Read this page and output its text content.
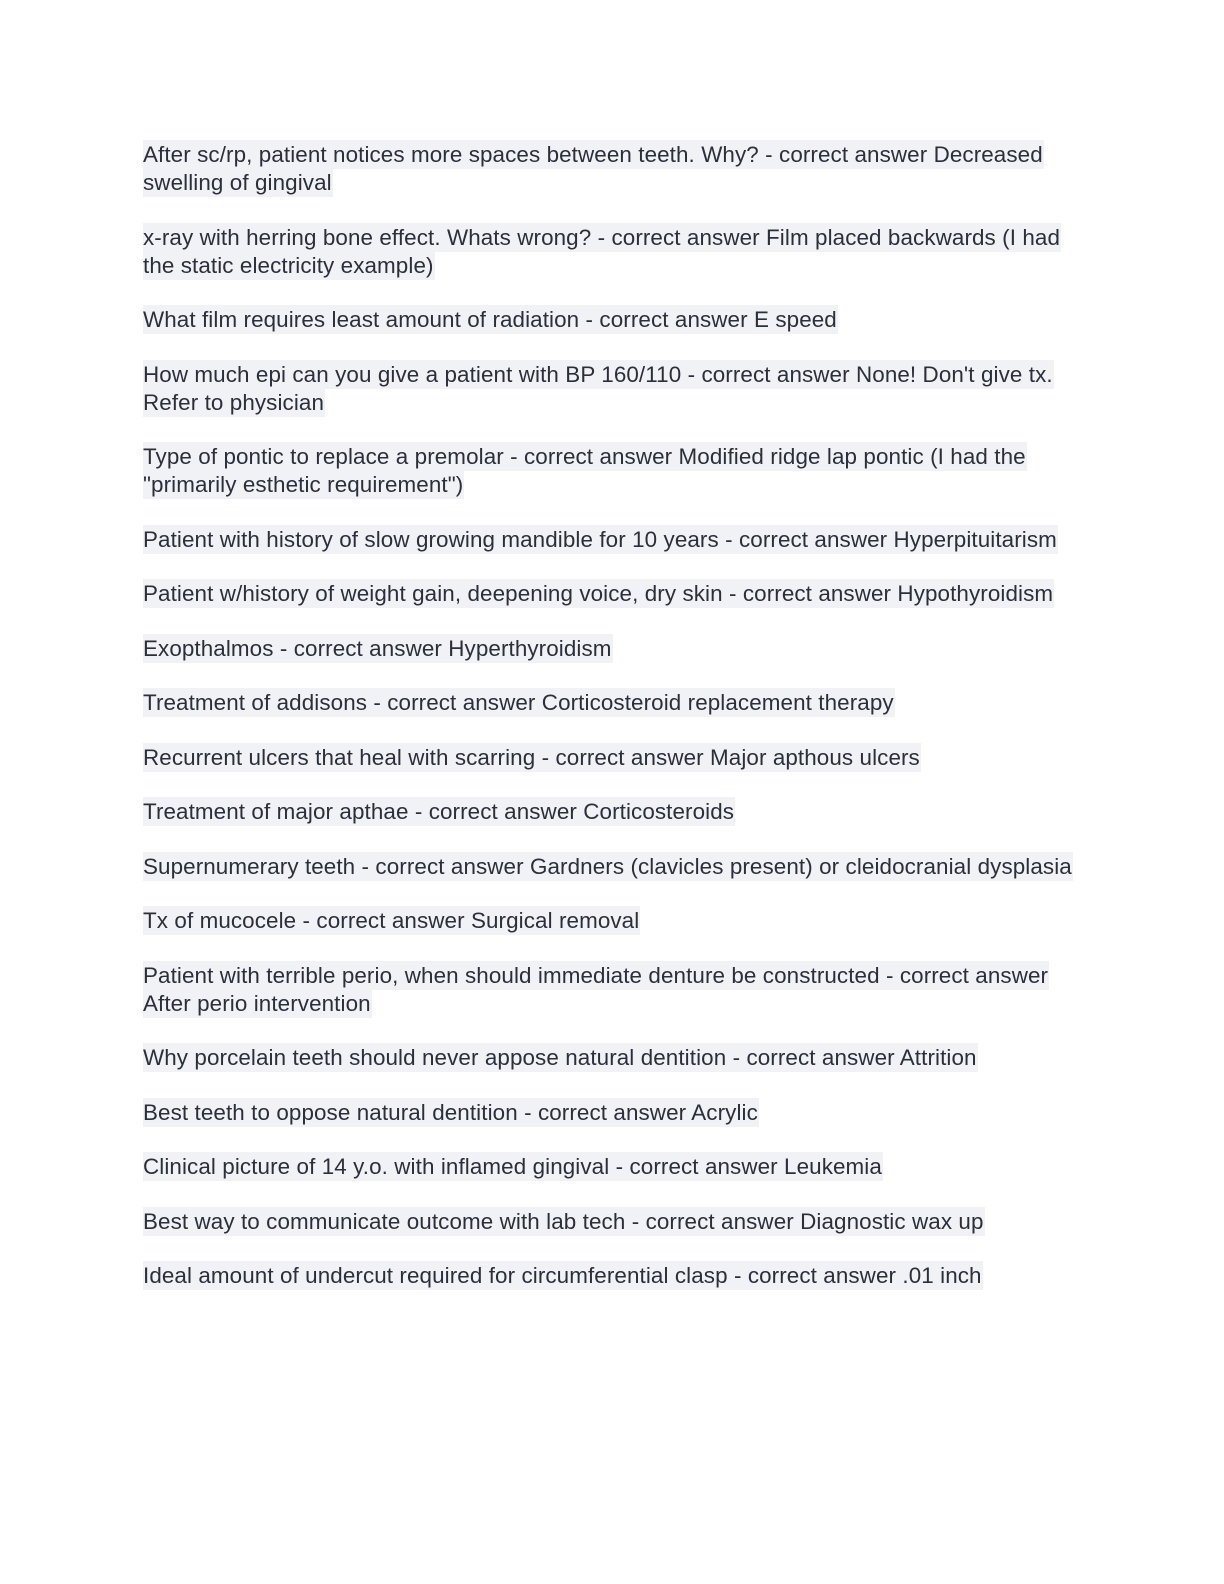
After sc/rp, patient notices more spaces between teeth. Why? - correct answer Decreased swelling of gingival

x-ray with herring bone effect. Whats wrong? - correct answer Film placed backwards (I had the static electricity example)

What film requires least amount of radiation - correct answer E speed

How much epi can you give a patient with BP 160/110 - correct answer None! Don't give tx. Refer to physician

Type of pontic to replace a premolar - correct answer Modified ridge lap pontic (I had the "primarily esthetic requirement")

Patient with history of slow growing mandible for 10 years - correct answer Hyperpituitarism

Patient w/history of weight gain, deepening voice, dry skin - correct answer Hypothyroidism

Exopthalmos - correct answer Hyperthyroidism

Treatment of addisons - correct answer Corticosteroid replacement therapy

Recurrent ulcers that heal with scarring - correct answer Major apthous ulcers

Treatment of major apthae - correct answer Corticosteroids

Supernumerary teeth - correct answer Gardners (clavicles present) or cleidocranial dysplasia

Tx of mucocele - correct answer Surgical removal

Patient with terrible perio, when should immediate denture be constructed - correct answer After perio intervention

Why porcelain teeth should never appose natural dentition - correct answer Attrition

Best teeth to oppose natural dentition - correct answer Acrylic

Clinical picture of 14 y.o. with inflamed gingival - correct answer Leukemia

Best way to communicate outcome with lab tech - correct answer Diagnostic wax up

Ideal amount of undercut required for circumferential clasp - correct answer .01 inch
